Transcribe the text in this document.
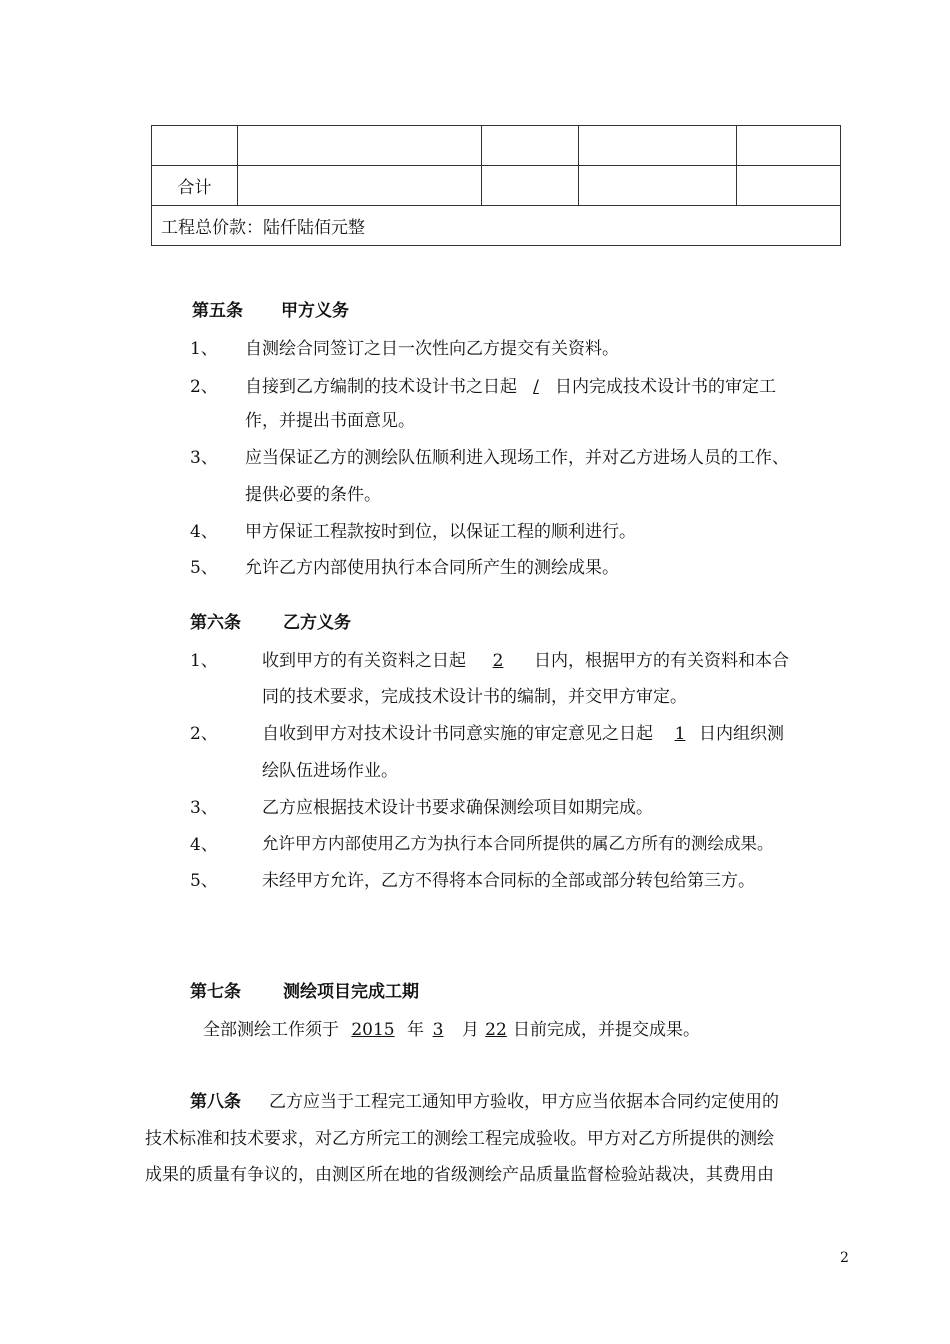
合计				
工程总价款：陆仟陆佰元整				
第五条 甲方义务
1、 自测绘合同签订之日一次性向乙方提交有关资料。
2、 自接到乙方编制的技术设计书之日起 / 日内完成技术设计书的审定工
作，并提出书面意见。
3、 应当保证乙方的测绘队伍顺利进入现场工作，并对乙方进场人员的工作、
提供必要的条件。
4、 甲方保证工程款按时到位，以保证工程的顺利进行。
5、 允许乙方内部使用执行本合同所产生的测绘成果。
第六条 乙方义务
1、	收到甲方的有关资料之日起 2 日内，根据甲方的有关资料和本合
同的技术要求，完成技术设计书的编制，并交甲方审定。
2、	自收到甲方对技术设计书同意实施的审定意见之日起 1 日内组织测
绘队伍进场作业。
3、	乙方应根据技术设计书要求确保测绘项目如期完成。
4、	允许甲方内部使用乙方为执行本合同所提供的属乙方所有的测绘成果。
5、	未经甲方允许，乙方不得将本合同标的全部或部分转包给第三方。
第七条 测绘项目完成工期
全部测绘工作须于 2015 年 3 月 22 日前完成，并提交成果。
第八条 乙方应当于工程完工通知甲方验收，甲方应当依据本合同约定使用的
技术标准和技术要求，对乙方所完工的测绘工程完成验收。甲方对乙方所提供的测绘
成果的质量有争议的，由测区所在地的省级测绘产品质量监督检验站裁决，其费用由
2
